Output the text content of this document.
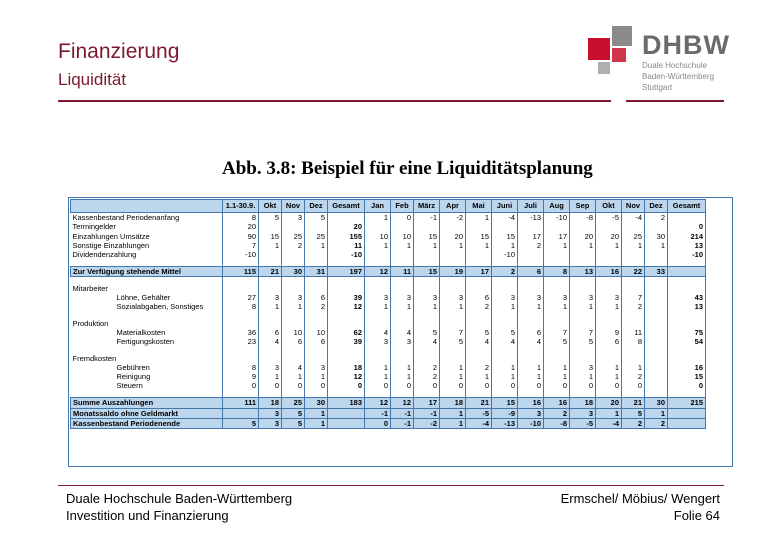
Finanzierung
Liquidität
DHBW
Duale Hochschule Baden-Württemberg Stuttgart
Abb. 3.8: Beispiel für eine Liquiditätsplanung
	1.1-30.9.	Okt	Nov	Dez	Gesamt	Jan	Feb	März	Apr	Mai	Juni	Juli	Aug	Sep	Okt	Nov	Dez	Gesamt
Kassenbestand Periodenanfang	8	5	3	5		1	0	-1	-2	1	-4	-13	-10	-8	-5	-4	2	
Termingelder	20				20													0
Einzahlungen Umsätze	90	15	25	25	155	10	10	15	20	15	15	17	17	20	20	25	30	214
Sonstige Einzahlungen	7	1	2	1	11	1	1	1	1	1	1	2	1	1	1	1	1	13
Dividendenzahlung	-10				-10						-10							-10

Zur Verfügung stehende Mittel	115	21	30	31	197	12	11	15	19	17	2	6	8	13	16	22	33	

Mitarbeiter																		
Löhne, Gehälter	27	3	3	6	39	3	3	3	3	6	3	3	3	3	3	7		43
Sozialabgaben, Sonstiges	8	1	1	2	12	1	1	1	1	2	1	1	1	1	1	2		13

Produktion																		
Materialkosten	36	6	10	10	62	4	4	5	7	5	5	6	7	7	9	11		75
Fertigungskosten	23	4	6	6	39	3	3	4	5	4	4	4	5	5	6	8		54

Fremdkosten																		
Gebühren	8	3	4	3	18	1	1	2	1	2	1	1	1	3	1	1		16
Reinigung	9	1	1	1	12	1	1	2	1	1	1	1	1	1	1	2		15
Steuern	0	0	0	0	0	0	0	0	0	0	0	0	0	0	0	0		0

Summe Auszahlungen	111	18	25	30	183	12	12	17	18	21	15	16	16	18	20	21	30	215
Monatssaldo ohne Geldmarkt		3	5	1		-1	-1	-1	1	-5	-9	3	2	3	1	5	1	
Kassenbestand Periodenende	5	3	5	1		0	-1	-2	1	-4	-13	-10	-8	-5	-4	2	2	
Duale Hochschule Baden-Württemberg
Investition und Finanzierung
Ermschel/ Möbius/ Wengert
Folie 64
